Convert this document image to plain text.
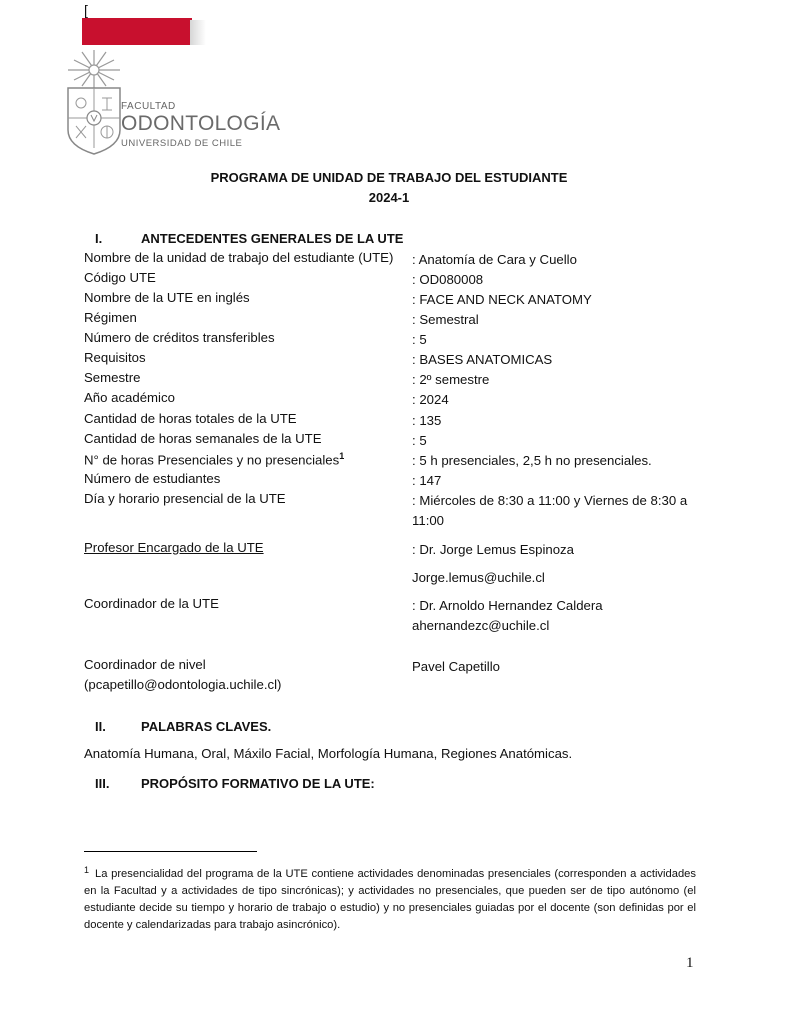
[
FACULTAD
ODONTOLOGÍA
UNIVERSIDAD DE CHILE
PROGRAMA DE UNIDAD DE TRABAJO DEL ESTUDIANTE
2024-1
I.	ANTECEDENTES GENERALES DE LA UTE
Nombre de la unidad de trabajo del estudiante (UTE) : Anatomía de Cara y Cuello
Código UTE	: OD080008
Nombre de la UTE en inglés	: FACE AND NECK ANATOMY
Régimen	: Semestral
Número de créditos transferibles	: 5
Requisitos	: BASES ANATOMICAS
Semestre	: 2º semestre
Año académico	: 2024
Cantidad de horas totales de la UTE	: 135
Cantidad de horas semanales de la UTE	: 5
N° de horas Presenciales y no presenciales$^1$	: 5 h presenciales, 2,5 h no presenciales.
Número de estudiantes	: 147
Día y horario presencial de la UTE	: Miércoles de 8:30 a 11:00 y Viernes de 8:30 a 11:00
Profesor Encargado de la UTE	: Dr. Jorge Lemus Espinoza
Jorge.lemus@uchile.cl
Coordinador de la UTE	: Dr. Arnoldo Hernandez Caldera
ahernandezc@uchile.cl
Coordinador de nivel	Pavel Capetillo
(pcapetillo@odontologia.uchile.cl)
II.	PALABRAS CLAVES.
Anatomía Humana, Oral, Máxilo Facial, Morfología Humana, Regiones Anatómicas.
III. PROPÓSITO FORMATIVO DE LA UTE:
$^1$ La presencialidad del programa de la UTE contiene actividades denominadas presenciales (corresponden a actividades en la Facultad y a actividades de tipo sincrónicas); y actividades no presenciales, que pueden ser de tipo autónomo (el estudiante decide su tiempo y horario de trabajo o estudio) y no presenciales guiadas por el docente (son definidas por el docente y calendarizadas para trabajo asincrónico).
1
